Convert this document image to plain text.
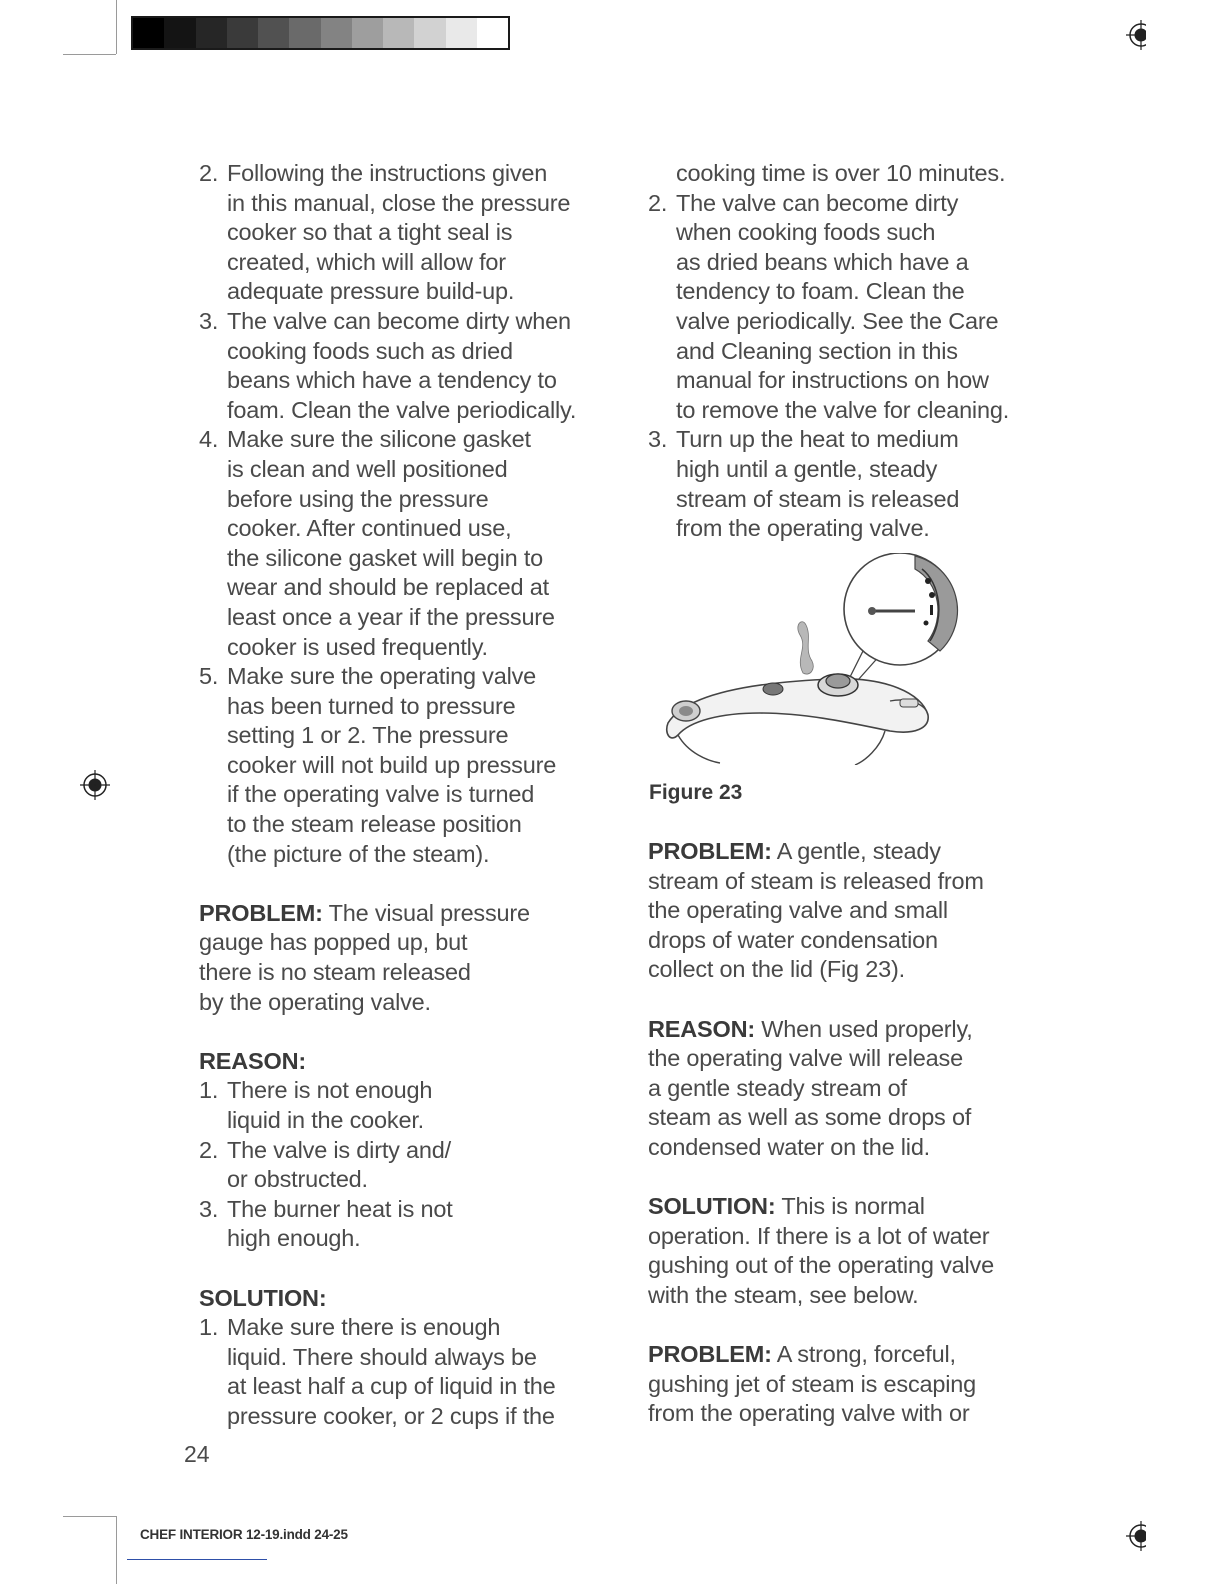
2. Following the instructions given
in this manual, close the pressure
cooker so that a tight seal is
created, which will allow for
adequate pressure build-up.
3. The valve can become dirty when
cooking foods such as dried
beans which have a tendency to
foam. Clean the valve periodically.
4. Make sure the silicone gasket
is clean and well positioned
before using the pressure
cooker. After continued use,
the silicone gasket will begin to
wear and should be replaced at
least once a year if the pressure
cooker is used frequently.
5. Make sure the operating valve
has been turned to pressure
setting 1 or 2. The pressure
cooker will not build up pressure
if the operating valve is turned
to the steam release position
(the picture of the steam).
PROBLEM: The visual pressure
gauge has popped up, but
there is no steam released
by the operating valve.
REASON:
1. There is not enough
liquid in the cooker.
2. The valve is dirty and/
or obstructed.
3. The burner heat is not
high enough.
SOLUTION:
1. Make sure there is enough
liquid. There should always be
at least half a cup of liquid in the
pressure cooker, or 2 cups if the
cooking time is over 10 minutes.
2. The valve can become dirty
when cooking foods such
as dried beans which have a
tendency to foam. Clean the
valve periodically. See the Care
and Cleaning section in this
manual for instructions on how
to remove the valve for cleaning.
3. Turn up the heat to medium
high until a gentle, steady
stream of steam is released
from the operating valve.
Figure 23
PROBLEM: A gentle, steady
stream of steam is released from
the operating valve and small
drops of water condensation
collect on the lid (Fig 23).
REASON: When used properly,
the operating valve will release
a gentle steady stream of
steam as well as some drops of
condensed water on the lid.
SOLUTION: This is normal
operation. If there is a lot of water
gushing out of the operating valve
with the steam, see below.
PROBLEM: A strong, forceful,
gushing jet of steam is escaping
from the operating valve with or
24
CHEF INTERIOR 12-19.indd 24-25
